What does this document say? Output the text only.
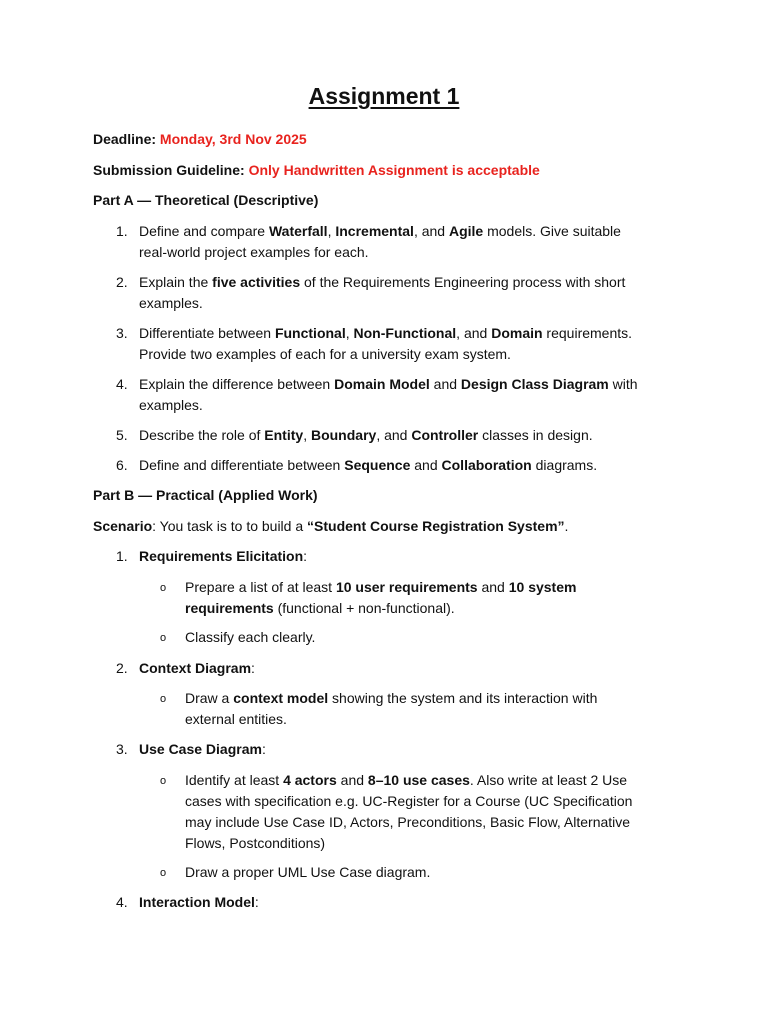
Assignment 1
Deadline: Monday, 3rd Nov 2025
Submission Guideline: Only Handwritten Assignment is acceptable
Part A — Theoretical (Descriptive)
1. Define and compare Waterfall, Incremental, and Agile models. Give suitable
real-world project examples for each.
2. Explain the five activities of the Requirements Engineering process with short
examples.
3. Differentiate between Functional, Non-Functional, and Domain requirements.
Provide two examples of each for a university exam system.
4. Explain the difference between Domain Model and Design Class Diagram with
examples.
5. Describe the role of Entity, Boundary, and Controller classes in design.
6. Define and differentiate between Sequence and Collaboration diagrams.
Part B — Practical (Applied Work)
Scenario: You task is to to build a “Student Course Registration System”.
1. Requirements Elicitation:
o Prepare a list of at least 10 user requirements and 10 system
requirements (functional + non-functional).
o Classify each clearly.
2. Context Diagram:
o Draw a context model showing the system and its interaction with
external entities.
3. Use Case Diagram:
o Identify at least 4 actors and 8–10 use cases. Also write at least 2 Use
cases with specification e.g. UC-Register for a Course (UC Specification
may include Use Case ID, Actors, Preconditions, Basic Flow, Alternative
Flows, Postconditions)
o Draw a proper UML Use Case diagram.
4. Interaction Model:
